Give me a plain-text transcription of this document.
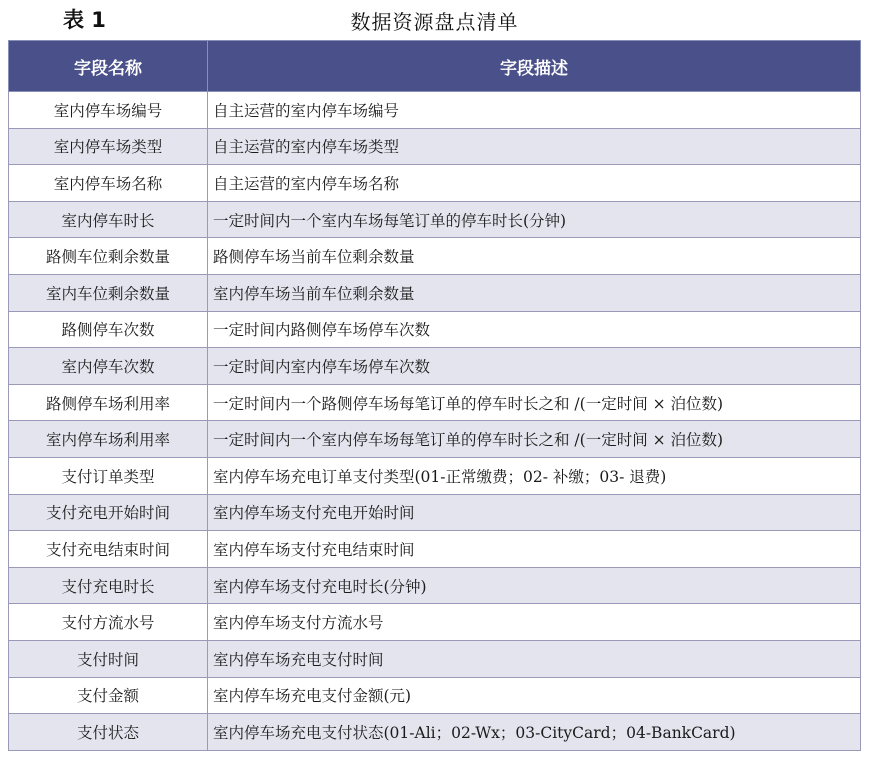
表 1	数据资源盘点清单
字段名称	字段描述
室内停车场编号	自主运营的室内停车场编号
室内停车场类型	自主运营的室内停车场类型
室内停车场名称	自主运营的室内停车场名称
室内停车时长	一定时间内一个室内车场每笔订单的停车时长(分钟)
路侧车位剩余数量	路侧停车场当前车位剩余数量
室内车位剩余数量	室内停车场当前车位剩余数量
路侧停车次数	一定时间内路侧停车场停车次数
室内停车次数	一定时间内室内停车场停车次数
路侧停车场利用率	一定时间内一个路侧停车场每笔订单的停车时长之和 /(一定时间 × 泊位数)
室内停车场利用率	一定时间内一个室内停车场每笔订单的停车时长之和 /(一定时间 × 泊位数)
支付订单类型	室内停车场充电订单支付类型(01-正常缴费；02- 补缴；03- 退费)
支付充电开始时间	室内停车场支付充电开始时间
支付充电结束时间	室内停车场支付充电结束时间
支付充电时长	室内停车场支付充电时长(分钟)
支付方流水号	室内停车场支付方流水号
支付时间	室内停车场充电支付时间
支付金额	室内停车场充电支付金额(元)
支付状态	室内停车场充电支付状态(01-Ali；02-Wx；03-CityCard；04-BankCard)
